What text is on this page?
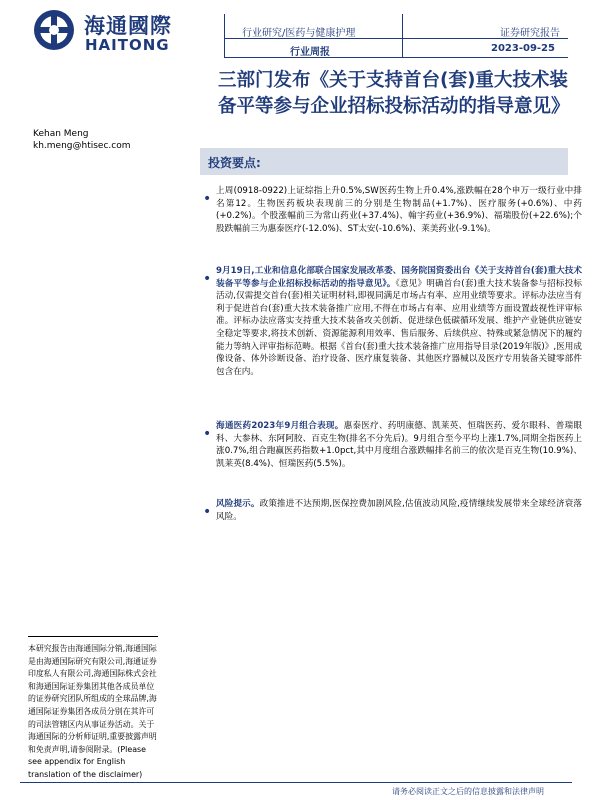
海通國際
HAITONG
行业研究/医药与健康护理
行业周报
证券研究报告
2023-09-25
三部门发布《关于支持首台(套)重大技术装备平等参与企业招标投标活动的指导意见》
Kehan Meng
kh.meng@htisec.com
投资要点:
•
上周(0918-0922)上证综指上升0.5%,SW医药生物上升0.4%,涨跌幅在28个申万一级行业中排名第12。生物医药板块表现前三的分别是生物制品(+1.7%)、医疗服务(+0.6%)、中药(+0.2%)。个股涨幅前三为常山药业(+37.4%)、翰宇药业(+36.9%)、福瑞股份(+22.6%);个股跌幅前三为惠泰医疗(-12.0%)、ST太安(-10.6%)、莱美药业(-9.1%)。
•
9月19日,工业和信息化部联合国家发展改革委、国务院国资委出台《关于支持首台(套)重大技术装备平等参与企业招标投标活动的指导意见》。《意见》明确首台(套)重大技术装备参与招标投标活动,仅需提交首台(套)相关证明材料,即视同满足市场占有率、应用业绩等要求。评标办法应当有利于促进首台(套)重大技术装备推广应用,不得在市场占有率、应用业绩等方面设置歧视性评审标准。评标办法应落实支持重大技术装备攻关创新、促进绿色低碳循环发展、维护产业链供应链安全稳定等要求,将技术创新、资源能源利用效率、售后服务、后续供应、特殊或紧急情况下的履约能力等纳入评审指标范畴。根据《首台(套)重大技术装备推广应用指导目录(2019年版)》,医用成像设备、体外诊断设备、治疗设备、医疗康复装备、其他医疗器械以及医疗专用装备关键零部件包含在内。
•
海通医药2023年9月组合表现。惠泰医疗、药明康德、凯莱英、恒瑞医药、爱尔眼科、普瑞眼科、大参林、东阿阿胶、百克生物(排名不分先后)。9月组合至今平均上涨1.7%,同期全指医药上涨0.7%,组合跑赢医药指数+1.0pct,其中月度组合涨跌幅排名前三的依次是百克生物(10.9%)、凯莱英(8.4%)、恒瑞医药(5.5%)。
•
风险提示。政策推进不达预期,医保控费加剧风险,估值波动风险,疫情继续发展带来全球经济衰落风险。
本研究报告由海通国际分销,海通国际是由海通国际研究有限公司,海通证券印度私人有限公司,海通国际株式会社和海通国际证券集团其他各成员单位的证券研究团队所组成的全球品牌,海通国际证券集团各成员分别在其许可的司法管辖区内从事证券活动。关于海通国际的分析师证明,重要披露声明和免责声明,请参阅附录。(Please see appendix for English translation of the disclaimer)
请务必阅读正文之后的信息披露和法律声明
